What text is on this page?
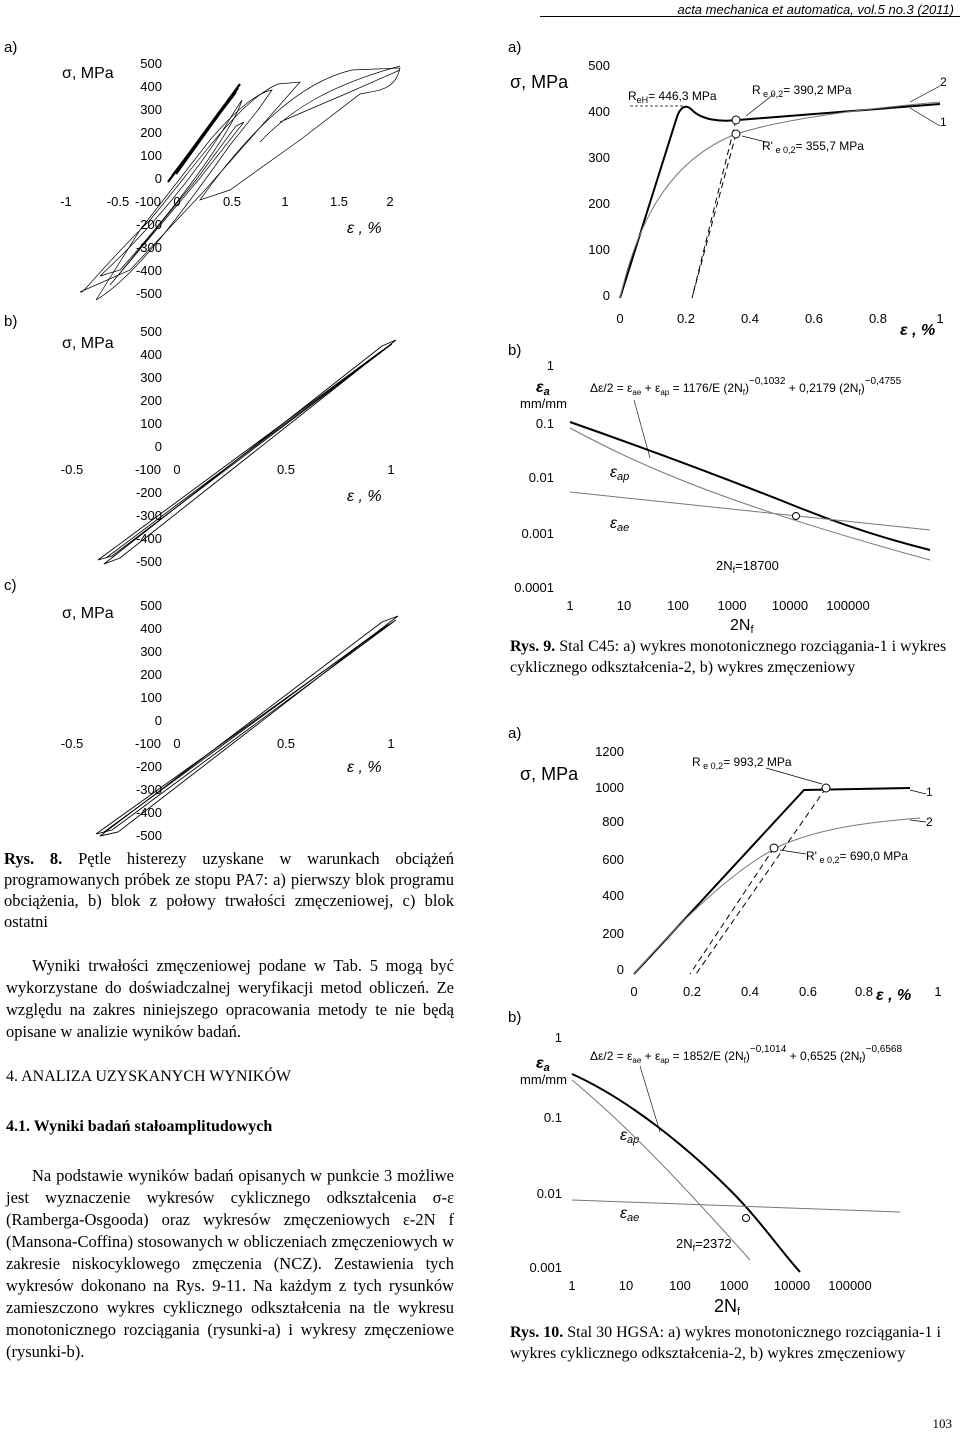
acta mechanica et automatica, vol.5 no.3 (2011)
a)
σ, MPa
500
400
300
200
100
0
-200
-300
-400
-500
-1	-0.5 -100 0	0.5	1	1.5	2
ε , %
b)
σ, MPa
500
400
300
200
100
0
-200
-300
-400
-500
-0.5	-100 0	0.5	1
ε , %
c)
σ, MPa 500
400
300
200
100
0
-200
-300
-400
-500
-0.5	-100 0	0.5	1
ε , %
Rys. 8. Pętle histerezy uzyskane w warunkach obciążeń programowanych próbek ze stopu PA7: a) pierwszy blok programu obciążenia, b) blok z połowy trwałości zmęczeniowej, c) blok ostatni
Wyniki trwałości zmęczeniowej podane w Tab. 5 mogą być wykorzystane do doświadczalnej weryfikacji metod obliczeń. Ze względu na zakres niniejszego opracowania metody te nie będą opisane w analizie wyników badań.
4. ANALIZA UZYSKANYCH WYNIKÓW
4.1. Wyniki badań stałoamplitudowych
Na podstawie wyników badań opisanych w punkcie 3 możliwe jest wyznaczenie wykresów cyklicznego odkształcenia σ-ε (Ramberga-Osgooda) oraz wykresów zmęczeniowych ε-2N f (Mansona-Coffina) stosowanych w obliczeniach zmęczeniowych w zakresie niskocyklowego zmęczenia (NCZ). Zestawienia tych wykresów dokonano na Rys. 9-11. Na każdym z tych rysunków zamieszczono wykres cyklicznego odkształcenia na tle wykresu monotonicznego rozciągania (rysunki-a) i wykresy zmęczeniowe (rysunki-b).
a)
σ, MPa
500
400
300
200
100
0
0	0.2	0.4	0.6	0.8	1
ε , %
$R_{eH}= 446,3$ MPa	R $_{e 0,2}$= 390,2 MPa
R' $_{e 0,2}$= 355,7 MPa
2
1
b)
εa
mm/mm
1
0.1
0.01
0.001
0.0001
1	10	100 1000 10000 100000
2Nf
$\Delta\varepsilon/2 = \varepsilon_{ae} + \varepsilon_{ap} = 1176/E$ $(2N_f)^{-0,1032} + 0,2179$ $(2N_f)^{-0,4755}$
εap
εae
$2N_f=18700$
Rys. 9. Stal C45: a) wykres monotonicznego rozciągania-1 i wykres cyklicznego odkształcenia-2, b) wykres zmęczeniowy
a)
σ, MPa
1200
1000
800
600
400
200
0
0	0.2	0.4	0.6	0.8	1
ε , %
R $_{e 0,2}$= 993,2 MPa
R' $_{e 0,2}$= 690,0 MPa
1
2
b)
εa
mm/mm
1
0.1
0.01
0.001
1	10	100 1000 10000 100000
2Nf
$\Delta\varepsilon/2 = \varepsilon_{ae} + \varepsilon_{ap} = 1852/E$ $(2N_f)^{-0,1014} + 0,6525$ $(2N_f)^{-0,6568}$
εap
εae
$2N_f=2372$
Rys. 10. Stal 30 HGSA: a) wykres monotonicznego rozciągania-1 i wykres cyklicznego odkształcenia-2, b) wykres zmęczeniowy
103
